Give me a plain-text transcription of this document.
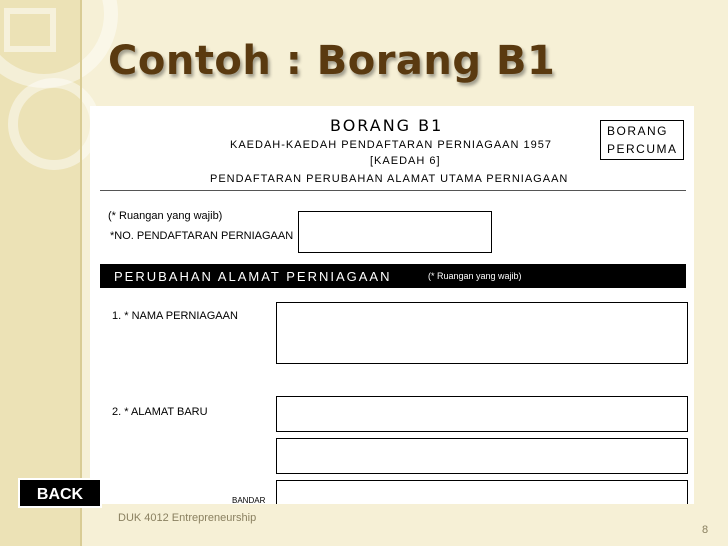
Contoh : Borang B1
BORANG B1
KAEDAH-KAEDAH PENDAFTARAN PERNIAGAAN 1957
[KAEDAH 6]
PENDAFTARAN PERUBAHAN ALAMAT UTAMA PERNIAGAAN
BORANG
PERCUMA
(* Ruangan yang wajib)
*NO. PENDAFTARAN PERNIAGAAN
PERUBAHAN ALAMAT PERNIAGAAN	(* Ruangan yang wajib)
1. * NAMA PERNIAGAAN
2. * ALAMAT BARU
BANDAR
BACK
DUK 4012 Entrepreneurship
8
